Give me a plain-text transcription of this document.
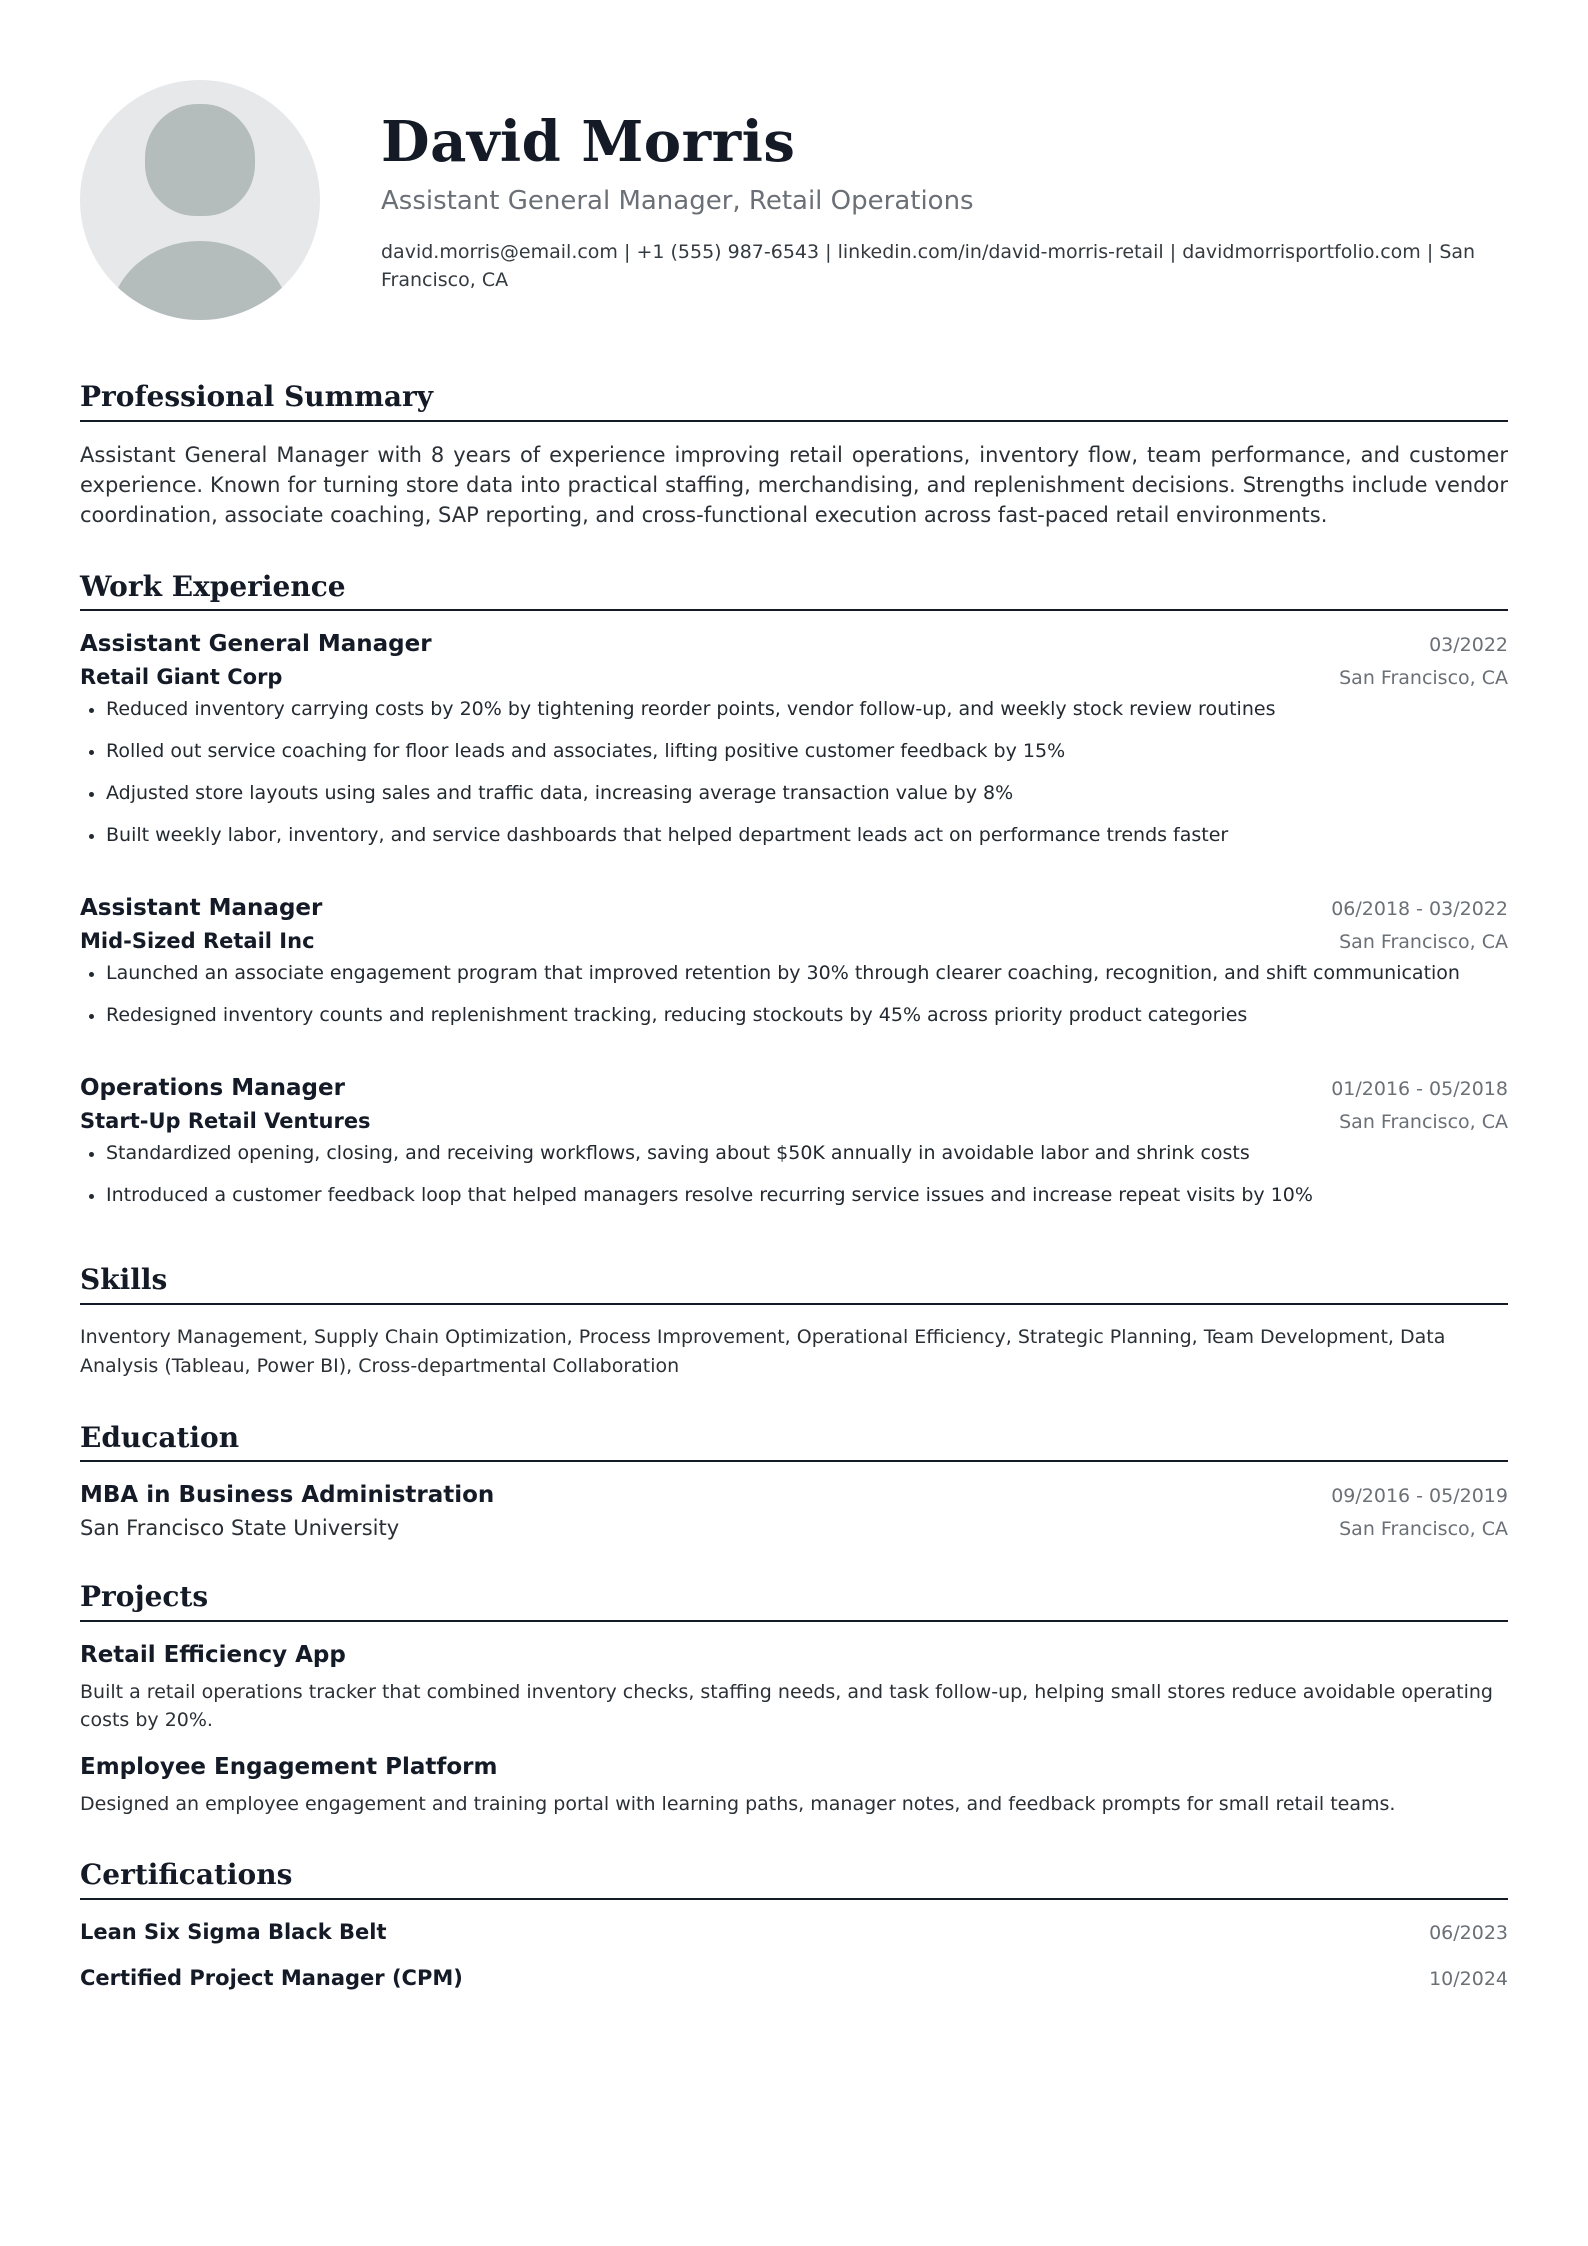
David Morris
Assistant General Manager, Retail Operations
david.morris@email.com | +1 (555) 987-6543 | linkedin.com/in/david-morris-retail | davidmorrisportfolio.com | San Francisco, CA
Professional Summary

Assistant General Manager with 8 years of experience improving retail operations, inventory flow, team performance, and customer experience. Known for turning store data into practical staffing, merchandising, and replenishment decisions. Strengths include vendor coordination, associate coaching, SAP reporting, and cross-functional execution across fast-paced retail environments.

Work Experience
Assistant General Manager	03/2022
Retail Giant Corp	San Francisco, CA
Reduced inventory carrying costs by 20% by tightening reorder points, vendor follow-up, and weekly stock review routines
Rolled out service coaching for floor leads and associates, lifting positive customer feedback by 15%
Adjusted store layouts using sales and traffic data, increasing average transaction value by 8%
Built weekly labor, inventory, and service dashboards that helped department leads act on performance trends faster
Assistant Manager	06/2018 - 03/2022
Mid-Sized Retail Inc	San Francisco, CA
Launched an associate engagement program that improved retention by 30% through clearer coaching, recognition, and shift communication
Redesigned inventory counts and replenishment tracking, reducing stockouts by 45% across priority product categories
Operations Manager	01/2016 - 05/2018
Start-Up Retail Ventures	San Francisco, CA
Standardized opening, closing, and receiving workflows, saving about $50K annually in avoidable labor and shrink costs
Introduced a customer feedback loop that helped managers resolve recurring service issues and increase repeat visits by 10%
Skills

Inventory Management, Supply Chain Optimization, Process Improvement, Operational Efficiency, Strategic Planning, Team Development, Data Analysis (Tableau, Power BI), Cross-departmental Collaboration

Education
MBA in Business Administration	09/2016 - 05/2019
San Francisco State University	San Francisco, CA
Projects
Retail Efficiency App

Built a retail operations tracker that combined inventory checks, staffing needs, and task follow-up, helping small stores reduce avoidable operating costs by 20%.

Employee Engagement Platform

Designed an employee engagement and training portal with learning paths, manager notes, and feedback prompts for small retail teams.

Certifications
Lean Six Sigma Black Belt	06/2023
Certified Project Manager (CPM)	10/2024
